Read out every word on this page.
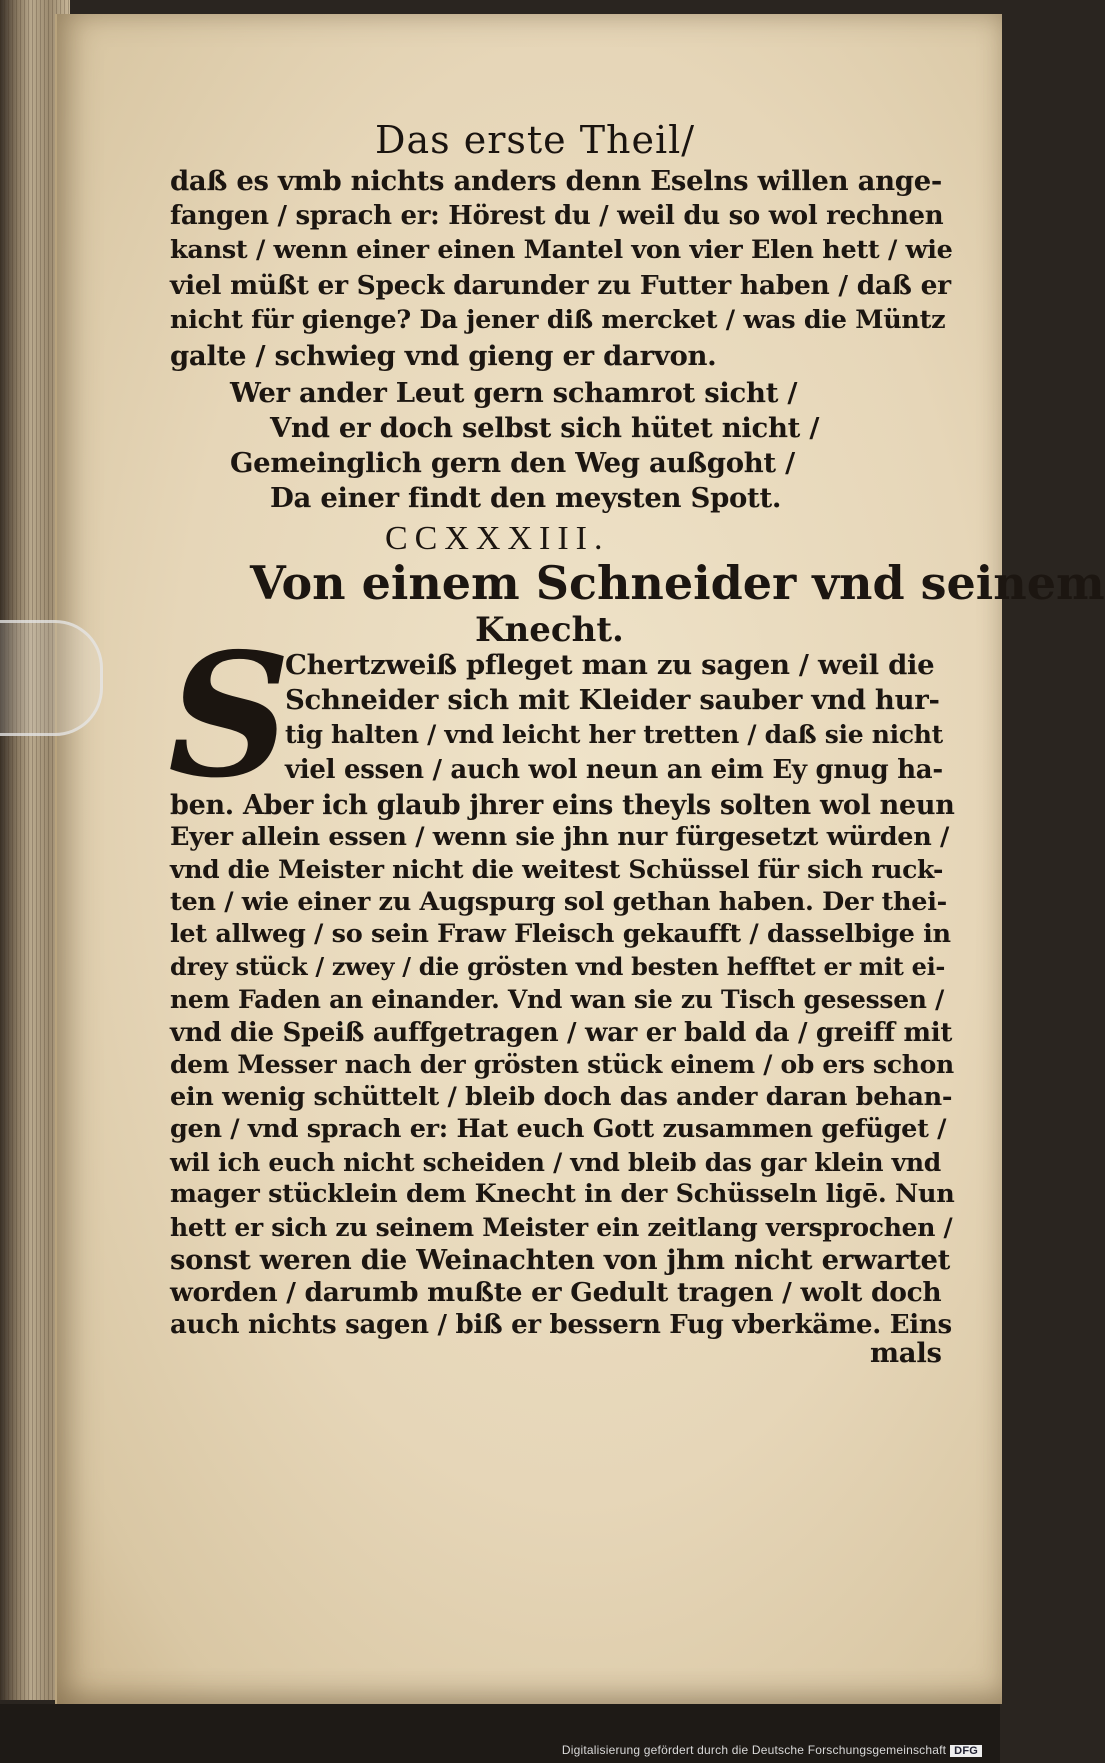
Das erste Theil/
dаß es vmb nichts anders denn Eselns willen ange-
fangen / sprach er: Hörest du / weil du so wol rechnen
kanst / wenn einer einen Mantel von vier Elen hett / wie
viel müßt er Speck darunder zu Futter haben / daß er
nicht für gienge? Da jener diß mercket / was die Müntz
galte / schwieg vnd gieng er darvon.
Wer ander Leut gern schamrot sicht /
Vnd er doch selbst sich hütet nicht /
Gemeinglich gern den Weg außgoht /
Da einer findt den meysten Spott.
CCXXXIII.
Von einem Schneider vnd seinem
Knecht.
S
Chertzweiß pfleget man zu sagen / weil die
Schneider sich mit Kleider sauber vnd hur-
tig halten / vnd leicht her tretten / daß sie nicht
viel essen / auch wol neun an eim Ey gnug ha-
ben. Aber ich glaub jhrer eins theyls solten wol neun
Eyer allein essen / wenn sie jhn nur fürgesetzt würden /
vnd die Meister nicht die weitest Schüssel für sich ruck-
ten / wie einer zu Augspurg sol gethan haben. Der thei-
let allweg / so sein Fraw Fleisch gekaufft / dasselbige in
drey stück / zwey / die grösten vnd besten hefftet er mit ei-
nem Faden an einander. Vnd wan sie zu Tisch gesessen /
vnd die Speiß auffgetragen / war er bald da / greiff mit
dem Messer nach der grösten stück einem / ob ers schon
ein wenig schüttelt / bleib doch das ander daran behan-
gen / vnd sprach er: Hat euch Gott zusammen gefüget /
wil ich euch nicht scheiden / vnd bleib das gar klein vnd
mager stücklein dem Knecht in der Schüsseln ligē. Nun
hett er sich zu seinem Meister ein zeitlang versprochen /
sonst weren die Weinachten von jhm nicht erwartet
worden / darumb mußte er Gedult tragen / wolt doch
auch nichts sagen / biß er bessern Fug vberkäme. Eins
mals
Digitalisierung gefördert durch die Deutsche Forschungsgemeinschaft DFG
